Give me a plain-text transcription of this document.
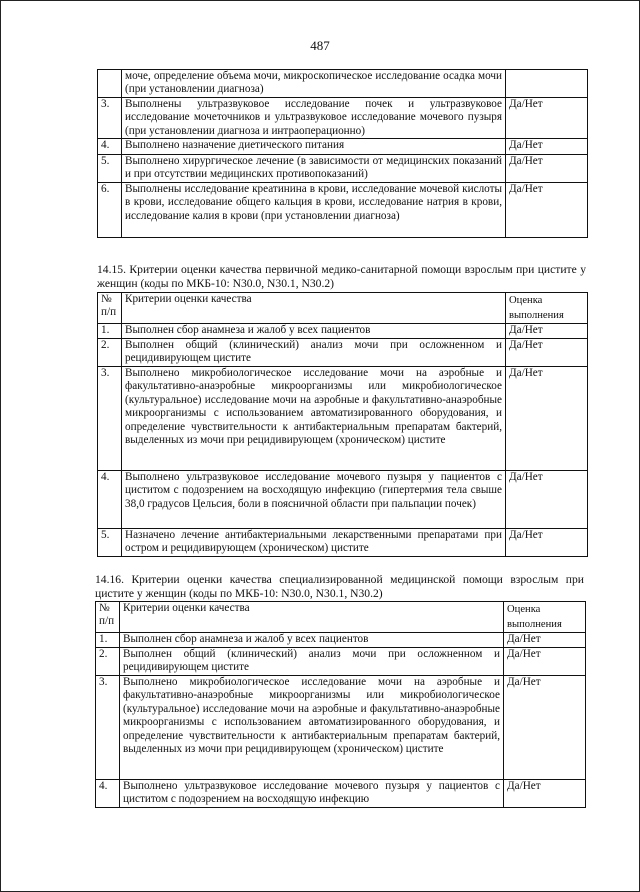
487
	моче, определение объема мочи, микроскопическое исследование осадка мочи (при установлении диагноза)	
3.	Выполнены ультразвуковое исследование почек и ультразвуковое исследование мочеточников и ультразвуковое исследование мочевого пузыря (при установлении диагноза и интраоперационно)	Да/Нет
4.	Выполнено назначение диетического питания	Да/Нет
5.	Выполнено хирургическое лечение (в зависимости от медицинских показаний и при отсутствии медицинских противопоказаний)	Да/Нет
6.	Выполнены исследование креатинина в крови, исследование мочевой кислоты в крови, исследование общего кальция в крови, исследование натрия в крови, исследование калия в крови (при установлении диагноза)	Да/Нет
14.15. Критерии оценки качества первичной медико-санитарной помощи взрослым при цистите у женщин (коды по МКБ-10: N30.0, N30.1, N30.2)
№ п/п	Критерии оценки качества	Оценка выполнения
1.	Выполнен сбор анамнеза и жалоб у всех пациентов	Да/Нет
2.	Выполнен общий (клинический) анализ мочи при осложненном и рецидивирующем цистите	Да/Нет
3.	Выполнено микробиологическое исследование мочи на аэробные и факультативно-анаэробные микроорганизмы или микробиологическое (культуральное) исследование мочи на аэробные и факультативно-анаэробные микроорганизмы с использованием автоматизированного оборудования, и определение чувствительности к антибактериальным препаратам бактерий, выделенных из мочи при рецидивирующем (хроническом) цистите	Да/Нет
4.	Выполнено ультразвуковое исследование мочевого пузыря у пациентов с циститом с подозрением на восходящую инфекцию (гипертермия тела свыше 38,0 градусов Цельсия, боли в поясничной области при пальпации почек)	Да/Нет
5.	Назначено лечение антибактериальными лекарственными препаратами при остром и рецидивирующем (хроническом) цистите	Да/Нет
14.16. Критерии оценки качества специализированной медицинской помощи взрослым при цистите у женщин (коды по МКБ-10: N30.0, N30.1, N30.2)
№ п/п	Критерии оценки качества	Оценка выполнения
1.	Выполнен сбор анамнеза и жалоб у всех пациентов	Да/Нет
2.	Выполнен общий (клинический) анализ мочи при осложненном и рецидивирующем цистите	Да/Нет
3.	Выполнено микробиологическое исследование мочи на аэробные и факультативно-анаэробные микроорганизмы или микробиологическое (культуральное) исследование мочи на аэробные и факультативно-анаэробные микроорганизмы с использованием автоматизированного оборудования, и определение чувствительности к антибактериальным препаратам бактерий, выделенных из мочи при рецидивирующем (хроническом) цистите	Да/Нет
4.	Выполнено ультразвуковое исследование мочевого пузыря у пациентов с циститом с подозрением на восходящую инфекцию	Да/Нет
